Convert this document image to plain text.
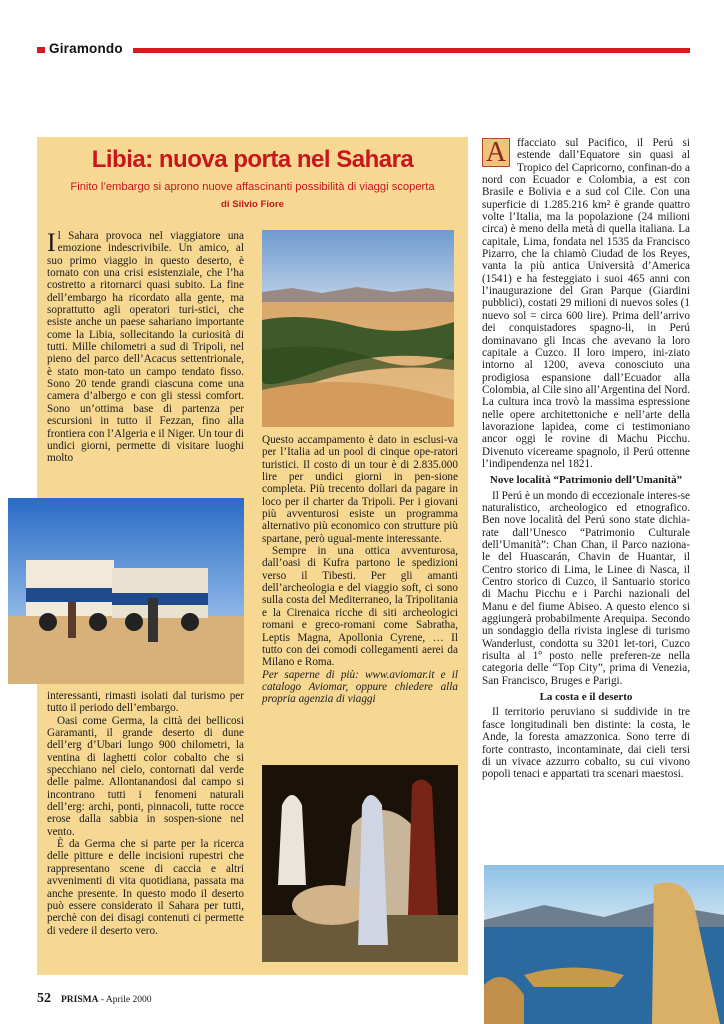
Giramondo
Libia: nuova porta nel Sahara
Finito l’embargo si aprono nuove affascinanti possibilità di viaggi scoperta
di Silvio Fiore

Il Sahara provoca nel viaggiatore una emozione indescrivibile. Un amico, al suo primo viaggio in questo deserto, è tornato con una crisi esistenziale, che l’ha costretto a ritornarci quasi subito. La fine dell’embargo ha ricordato alla gente, ma soprattutto agli operatori turi-stici, che esiste anche un paese sahariano importante come la Libia, sollecitando la curiosità di tutti. Mille chilometri a sud di Tripoli, nel pieno del parco dell’Acacus settentrionale, è stato mon-tato un campo tendato fisso. Sono 20 tende grandi ciascuna come una camera d’albergo e con gli stessi comfort. Sono un’ottima base di partenza per escursioni in tutto il Fezzan, fino alla frontiera con l’Algeria e il Niger. Un tour di undici giorni, permette di visitare luoghi molto

interessanti, rimasti isolati dal turismo per tutto il periodo dell’embargo.

Oasi come Germa, la città dei bellicosi Garamanti, il grande deserto di dune dell’erg d’Ubari lungo 900 chilometri, la ventina di laghetti color cobalto che si specchiano nel cielo, contornati dal verde delle palme. Allontanandosi dal campo si incontrano tutti i fenomeni naturali dell’erg: archi, ponti, pinnacoli, tutte rocce erose dalla sabbia in sospen-sione nel vento.

È da Germa che si parte per la ricerca delle pitture e delle incisioni rupestri che rappresentano scene di caccia e altri avvenimenti di vita quotidiana, passata ma anche presente. In questo modo il deserto può essere considerato il Sahara per tutti, perchè con dei disagi contenuti ci permette di vedere il deserto vero.

Questo accampamento è dato in esclusi-va per l’Italia ad un pool di cinque ope-ratori turistici. Il costo di un tour è di 2.835.000 lire per undici giorni in pen-sione completa. Più trecento dollari da pagare in loco per il charter da Tripoli. Per i giovani più avventurosi esiste un programma alternativo più economico con strutture più spartane, però ugual-mente interessante.

Sempre in una ottica avventurosa, dall’oasi di Kufra partono le spedizioni verso il Tibesti. Per gli amanti dell’archeologia e del viaggio soft, ci sono sulla costa del Mediterraneo, la Tripolitania e la Cirenaica ricche di siti archeologici romani e greco-romani come Sabratha, Leptis Magna, Apollonia Cyrene, … Il tutto con dei comodi collegamenti aerei da Milano e Roma.

Per saperne di più: www.aviomar.it e il catalogo Aviomar, oppure chiedere alla propria agenzia di viaggi

A ffacciato sul Pacifico, il Perú si estende dall’Equatore sin quasi al Tropico del Capricorno, confinan-do a nord con Ecuador e Colombia, a est con Brasile e Bolivia e a sud col Cile. Con una superficie di 1.285.216 km² è grande quattro volte l’Italia, ma la popolazione (24 milioni circa) è meno della metà di quella italiana. La capitale, Lima, fondata nel 1535 da Francisco Pizarro, che la chiamò Ciudad de los Reyes, vanta la più antica Università d’America (1541) e ha festeggiato i suoi 465 anni con l’inaugurazione del Gran Parque (Giardini pubblici), costati 29 milioni di nuevos soles (1 nuevo sol = circa 600 lire). Prima dell’arrivo dei conquistadores spagno-li, in Perú dominavano gli Incas che avevano la loro capitale a Cuzco. Il loro impero, ini-ziato intorno al 1200, aveva conosciuto una prodigiosa espansione dall’Ecuador alla Colombia, al Cile sino all’Argentina del Nord. La cultura inca trovò la massima espressione nelle opere architettoniche e nell’arte della lavorazione lapidea, come ci testimoniano ancor oggi le rovine di Machu Picchu. Divenuto vicereame spagnolo, il Perú ottenne l’indipendenza nel 1821.

Nove località “Patrimonio dell’Umanità”

Il Perú è un mondo di eccezionale interes-se naturalistico, archeologico ed etnografico. Ben nove località del Perú sono state dichia-rate dall’Unesco “Patrimonio Culturale dell’Umanità”: Chan Chan, il Parco naziona-le del Huascarán, Chavin de Huantar, il Centro storico di Lima, le Linee di Nasca, il Centro storico di Cuzco, il Santuario storico di Machu Picchu e i Parchi nazionali del Manu e del fiume Abiseo. A questo elenco si aggiungerà probabilmente Arequipa. Secondo un sondaggio della rivista inglese di turismo Wanderlust, condotta su 3201 let-tori, Cuzco risulta al 1º posto nelle preferen-ze nella categoria delle “Top City”, prima di Venezia, San Francisco, Bruges e Parigi.

La costa e il deserto

Il territorio peruviano si suddivide in tre fasce longitudinali ben distinte: la costa, le Ande, la foresta amazzonica. Sono terre di forte contrasto, incontaminate, dai cieli tersi di un vivace azzurro cobalto, su cui vivono popoli tenaci e appartati tra scenari maestosi.

52 PRISMA - Aprile 2000
